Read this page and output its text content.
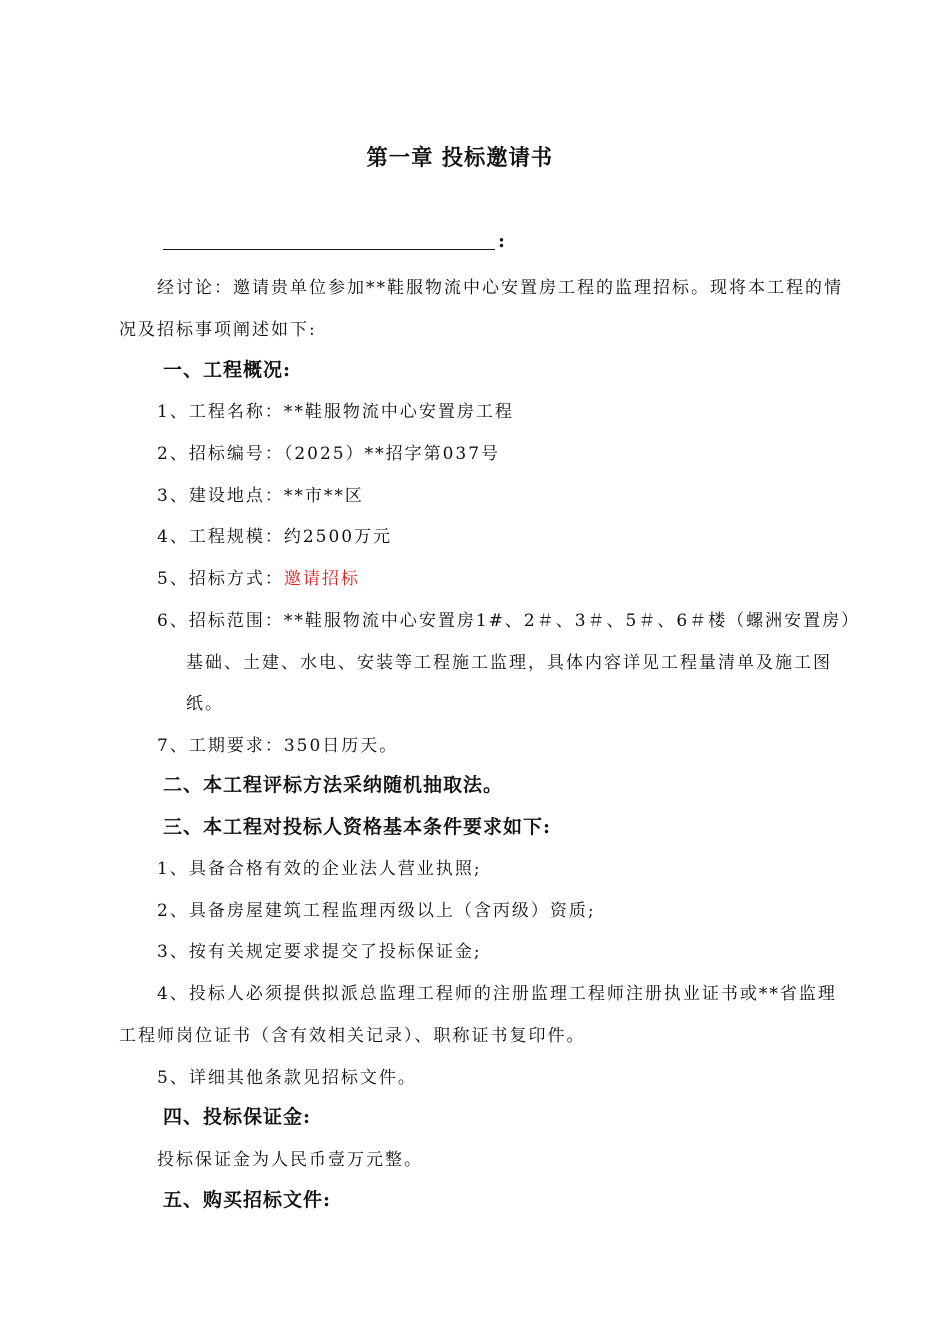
第一章 投标邀请书
:
经讨论：邀请贵单位参加**鞋服物流中心安置房工程的监理招标。现将本工程的情
况及招标事项阐述如下:
一、工程概况:
1、工程名称：**鞋服物流中心安置房工程
2、招标编号：（2025）**招字第037号
3、建设地点：**市**区
4、工程规模：约2500万元
5、招标方式：邀请招标
6、招标范围：**鞋服物流中心安置房1#、2＃、3＃、5＃、6＃楼（螺洲安置房）
基础、土建、水电、安装等工程施工监理，具体内容详见工程量清单及施工图
纸。
7、工期要求：350日历天。
二、本工程评标方法采纳随机抽取法。
三、本工程对投标人资格基本条件要求如下:
1、具备合格有效的企业法人营业执照;
2、具备房屋建筑工程监理丙级以上（含丙级）资质;
3、按有关规定要求提交了投标保证金;
4、投标人必须提供拟派总监理工程师的注册监理工程师注册执业证书或**省监理
工程师岗位证书（含有效相关记录）、职称证书复印件。
5、详细其他条款见招标文件。
四、投标保证金:
投标保证金为人民币壹万元整。
五、购买招标文件:
